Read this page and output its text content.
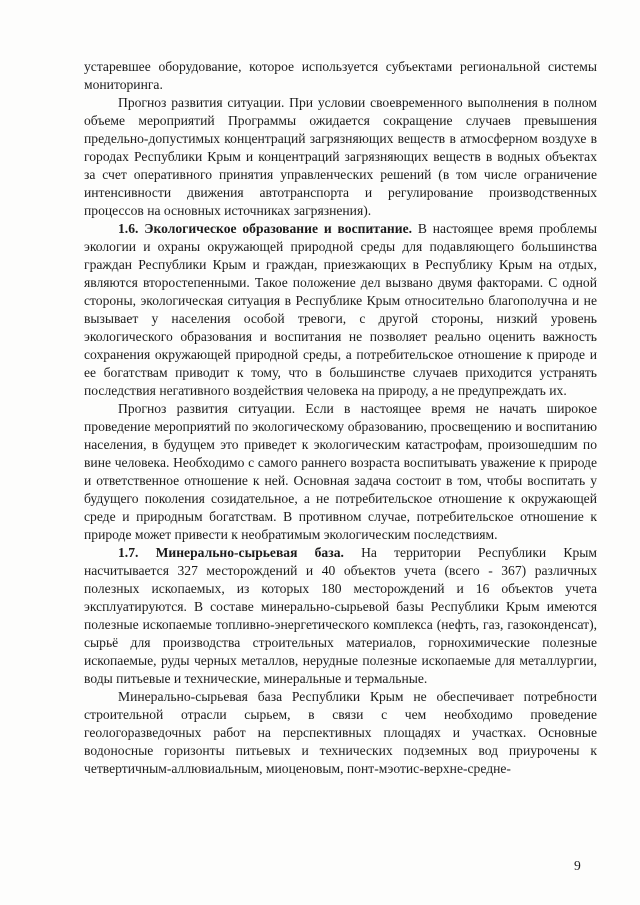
устаревшее оборудование, которое используется субъектами региональной системы мониторинга.

Прогноз развития ситуации. При условии своевременного выполнения в полном объеме мероприятий Программы ожидается сокращение случаев превышения предельно-допустимых концентраций загрязняющих веществ в атмосферном воздухе в городах Республики Крым и концентраций загрязняющих веществ в водных объектах за счет оперативного принятия управленческих решений (в том числе ограничение интенсивности движения автотранспорта и регулирование производственных процессов на основных источниках загрязнения).

1.6. Экологическое образование и воспитание. В настоящее время проблемы экологии и охраны окружающей природной среды для подавляющего большинства граждан Республики Крым и граждан, приезжающих в Республику Крым на отдых, являются второстепенными. Такое положение дел вызвано двумя факторами. С одной стороны, экологическая ситуация в Республике Крым относительно благополучна и не вызывает у населения особой тревоги, с другой стороны, низкий уровень экологического образования и воспитания не позволяет реально оценить важность сохранения окружающей природной среды, а потребительское отношение к природе и ее богатствам приводит к тому, что в большинстве случаев приходится устранять последствия негативного воздействия человека на природу, а не предупреждать их.

Прогноз развития ситуации. Если в настоящее время не начать широкое проведение мероприятий по экологическому образованию, просвещению и воспитанию населения, в будущем это приведет к экологическим катастрофам, произошедшим по вине человека. Необходимо с самого раннего возраста воспитывать уважение к природе и ответственное отношение к ней. Основная задача состоит в том, чтобы воспитать у будущего поколения созидательное, а не потребительское отношение к окружающей среде и природным богатствам. В противном случае, потребительское отношение к природе может привести к необратимым экологическим последствиям.

1.7. Минерально-сырьевая база. На территории Республики Крым насчитывается 327 месторождений и 40 объектов учета (всего - 367) различных полезных ископаемых, из которых 180 месторождений и 16 объектов учета эксплуатируются. В составе минерально-сырьевой базы Республики Крым имеются полезные ископаемые топливно-энергетического комплекса (нефть, газ, газоконденсат), сырьё для производства строительных материалов, горнохимические полезные ископаемые, руды черных металлов, нерудные полезные ископаемые для металлургии, воды питьевые и технические, минеральные и термальные.

Минерально-сырьевая база Республики Крым не обеспечивает потребности строительной отрасли сырьем, в связи с чем необходимо проведение геологоразведочных работ на перспективных площадях и участках. Основные водоносные горизонты питьевых и технических подземных вод приурочены к четвертичным-аллювиальным, миоценовым, понт-мэотис-верхне-средне-

9
